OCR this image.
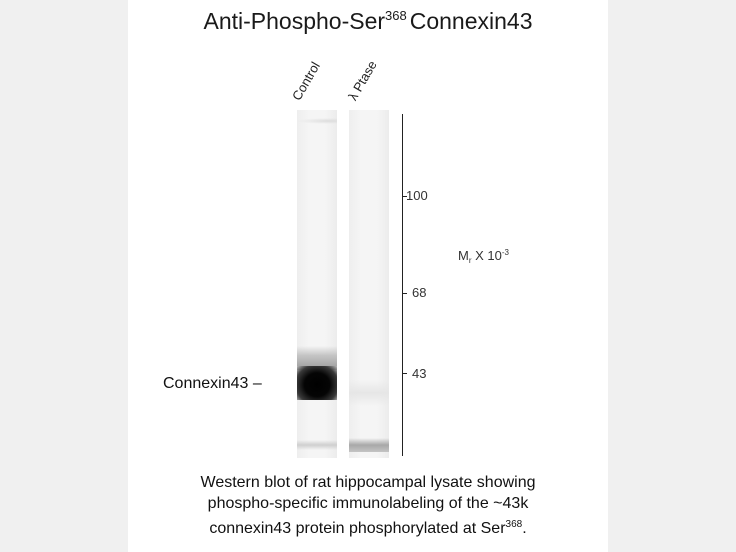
Anti-Phospho-Ser$^{368}$ Connexin43
Control λ Ptase
100
68
43
$M_r$ X $10^{-3}$
Connexin43 –
Western blot of rat hippocampal lysate showing
phospho-specific immunolabeling of the ~43k
connexin43 protein phosphorylated at Ser$^{368}$.
